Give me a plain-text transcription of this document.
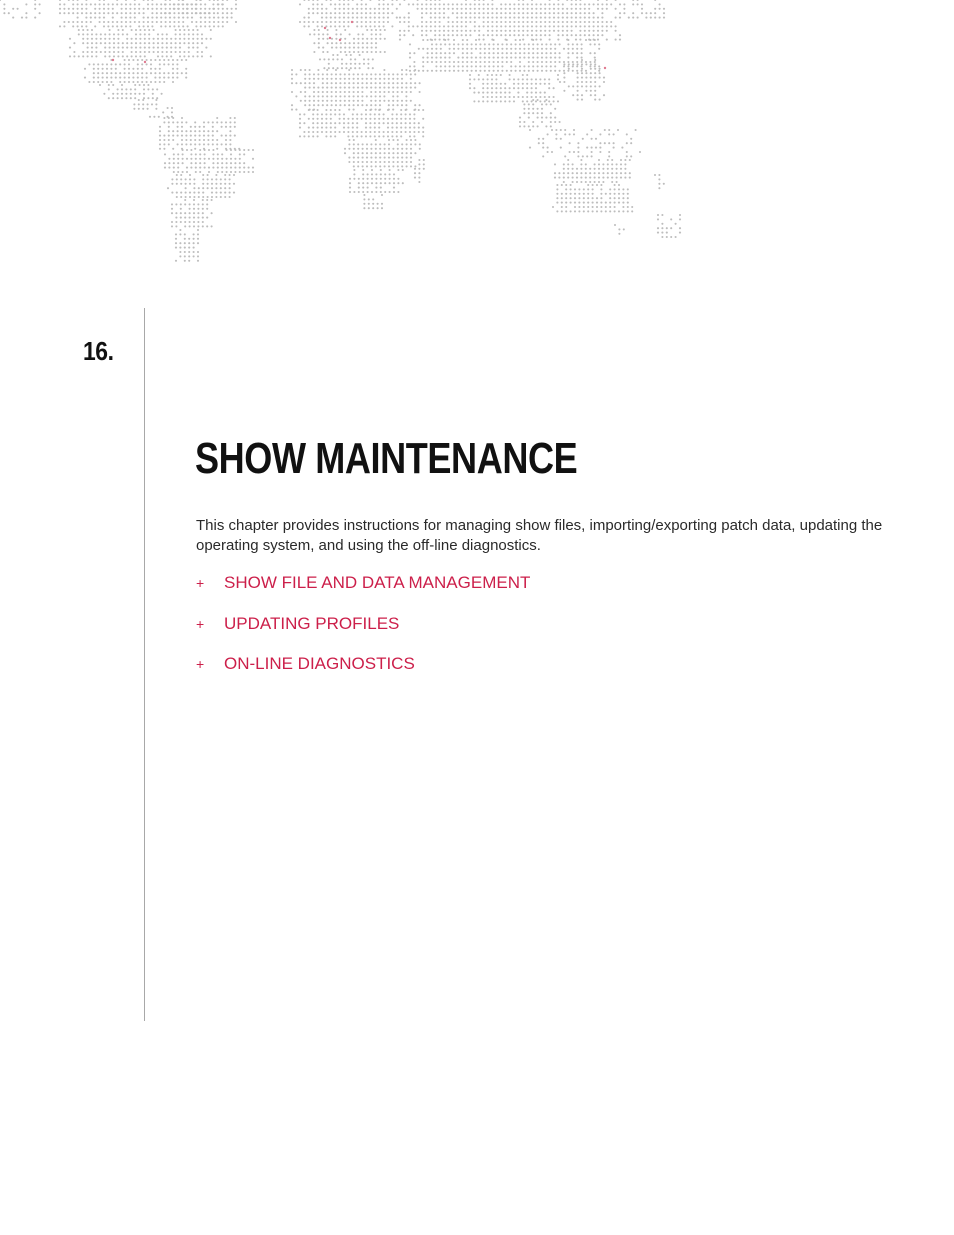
16.
SHOW MAINTENANCE

This chapter provides instructions for managing show files, importing/exporting patch data, updating the operating system, and using the off-line diagnostics.

+	SHOW FILE AND DATA MANAGEMENT
+	UPDATING PROFILES
+	ON-LINE DIAGNOSTICS
